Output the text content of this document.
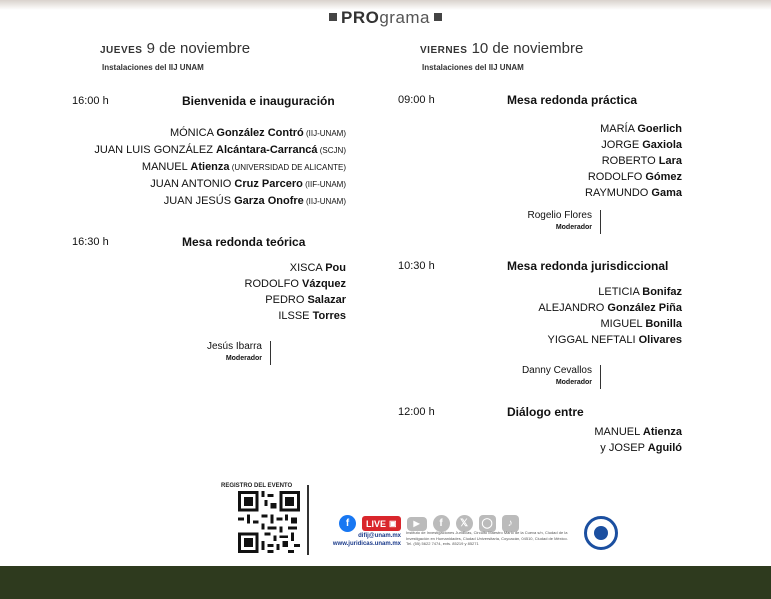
PROgrama
JUEVES 9 de noviembre
Instalaciones del IIJ UNAM
VIERNES 10 de noviembre
Instalaciones del IIJ UNAM
16:00 h	Bienvenida e inauguración
MÓNICA González Contró (IIJ-UNAM)
JUAN LUIS GONZÁLEZ Alcántara-Carrancá (SCJN)
MANUEL Atienza (UNIVERSIDAD DE ALICANTE)
JUAN ANTONIO Cruz Parcero (IIF-UNAM)
JUAN JESÚS Garza Onofre (IIJ-UNAM)
16:30 h	Mesa redonda teórica
XISCA Pou
RODOLFO Vázquez
PEDRO Salazar
ILSSE Torres
Jesús Ibarra
Moderador
09:00 h	Mesa redonda práctica
MARÍA Goerlich
JORGE Gaxiola
ROBERTO Lara
RODOLFO Gómez
RAYMUNDO Gama
Rogelio Flores
Moderador
10:30 h	Mesa redonda jurisdiccional
LETICIA Bonifaz
ALEJANDRO González Piña
MIGUEL Bonilla
YIGGAL NEFTALI Olivares
Danny Cevallos
Moderador
12:00 h	Diálogo entre
MANUEL Atienza
y JOSEP Aguiló
REGISTRO DEL EVENTO
f	LIVE ▣	▶	f	𝕏	◯	♪
difij@unam.mx
www.juridicas.unam.mx
Instituto de Investigaciones Jurídicas, Circuito Maestro Mario de la Cueva s/n, Ciudad de la Investigación en Humanidades, Ciudad Universitaria, Coyoacán, 04510, Ciudad de México. Tel. (55) 5622 7474, exts. 85219 y 85271
